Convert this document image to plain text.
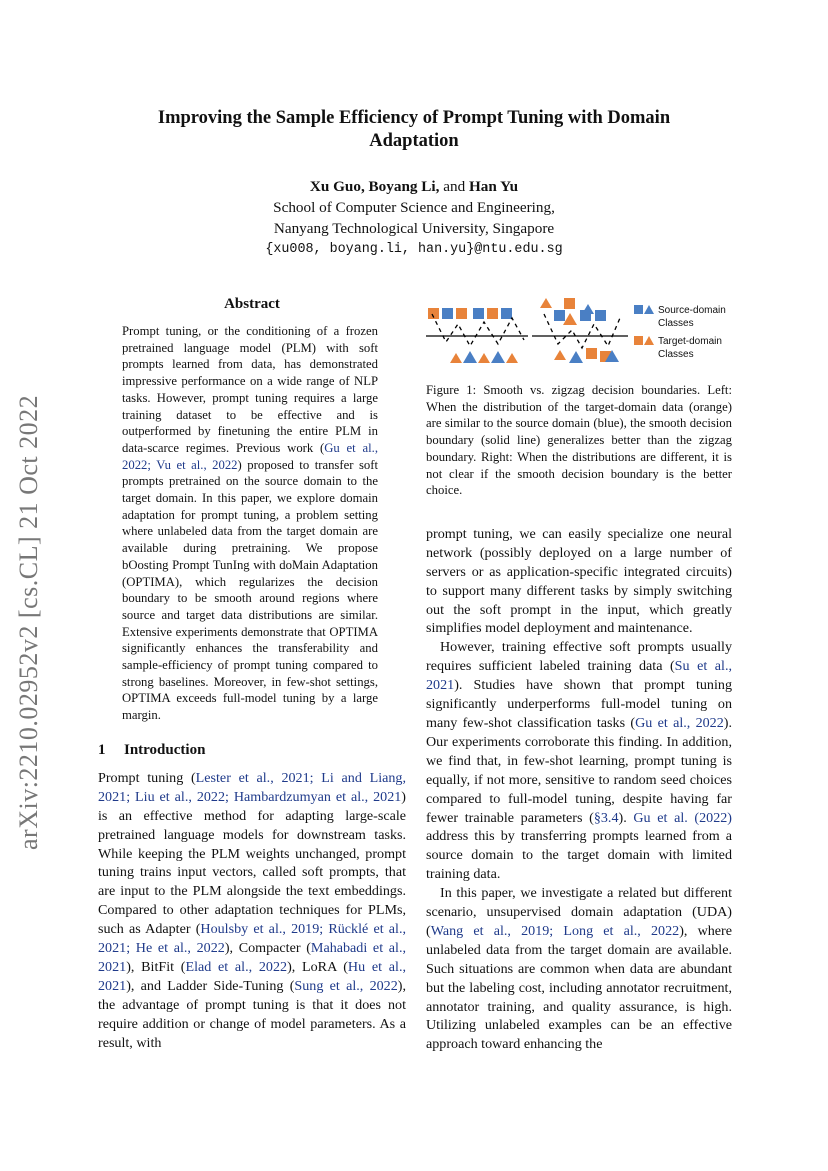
arXiv:2210.02952v2 [cs.CL] 21 Oct 2022
Improving the Sample Efficiency of Prompt Tuning with Domain
Adaptation
Xu Guo, Boyang Li, and Han Yu
School of Computer Science and Engineering,
Nanyang Technological University, Singapore
{xu008, boyang.li, han.yu}@ntu.edu.sg
Abstract

Prompt tuning, or the conditioning of a frozen pretrained language model (PLM) with soft prompts learned from data, has demonstrated impressive performance on a wide range of NLP tasks. However, prompt tuning requires a large training dataset to be effective and is outperformed by finetuning the entire PLM in data-scarce regimes. Previous work (Gu et al., 2022; Vu et al., 2022) proposed to transfer soft prompts pretrained on the source domain to the target domain. In this paper, we explore domain adaptation for prompt tuning, a problem setting where unlabeled data from the target domain are available during pretraining. We propose bOosting Prompt TunIng with doMain Adaptation (OPTIMA), which regularizes the decision boundary to be smooth around regions where source and target data distributions are similar. Extensive experiments demonstrate that OPTIMA significantly enhances the transferability and sample-efficiency of prompt tuning compared to strong baselines. Moreover, in few-shot settings, OPTIMA exceeds full-model tuning by a large margin.

1 Introduction

Prompt tuning (Lester et al., 2021; Li and Liang, 2021; Liu et al., 2022; Hambardzumyan et al., 2021) is an effective method for adapting large-scale pretrained language models for downstream tasks. While keeping the PLM weights unchanged, prompt tuning trains input vectors, called soft prompts, that are input to the PLM alongside the text embeddings. Compared to other adaptation techniques for PLMs, such as Adapter (Houlsby et al., 2019; Rücklé et al., 2021; He et al., 2022), Compacter (Mahabadi et al., 2021), BitFit (Elad et al., 2022), LoRA (Hu et al., 2021), and Ladder Side-Tuning (Sung et al., 2022), the advantage of prompt tuning is that it does not require addition or change of model parameters. As a result, with

Source-domain
Classes
Target-domain
Classes
Figure 1: Smooth vs. zigzag decision boundaries. Left: When the distribution of the target-domain data (orange) are similar to the source domain (blue), the smooth decision boundary (solid line) generalizes better than the zigzag boundary. Right: When the distributions are different, it is not clear if the smooth decision boundary is the better choice.

prompt tuning, we can easily specialize one neural network (possibly deployed on a large number of servers or as application-specific integrated circuits) to support many different tasks by simply switching out the soft prompt in the input, which greatly simplifies model deployment and maintenance.

However, training effective soft prompts usually requires sufficient labeled training data (Su et al., 2021). Studies have shown that prompt tuning significantly underperforms full-model tuning on many few-shot classification tasks (Gu et al., 2022). Our experiments corroborate this finding. In addition, we find that, in few-shot learning, prompt tuning is equally, if not more, sensitive to random seed choices compared to full-model tuning, despite having far fewer trainable parameters (§3.4). Gu et al. (2022) address this by transferring prompts learned from a source domain to the target domain with limited training data.

In this paper, we investigate a related but different scenario, unsupervised domain adaptation (UDA) (Wang et al., 2019; Long et al., 2022), where unlabeled data from the target domain are available. Such situations are common when data are abundant but the labeling cost, including annotator recruitment, annotator training, and quality assurance, is high. Utilizing unlabeled examples can be an effective approach toward enhancing the
